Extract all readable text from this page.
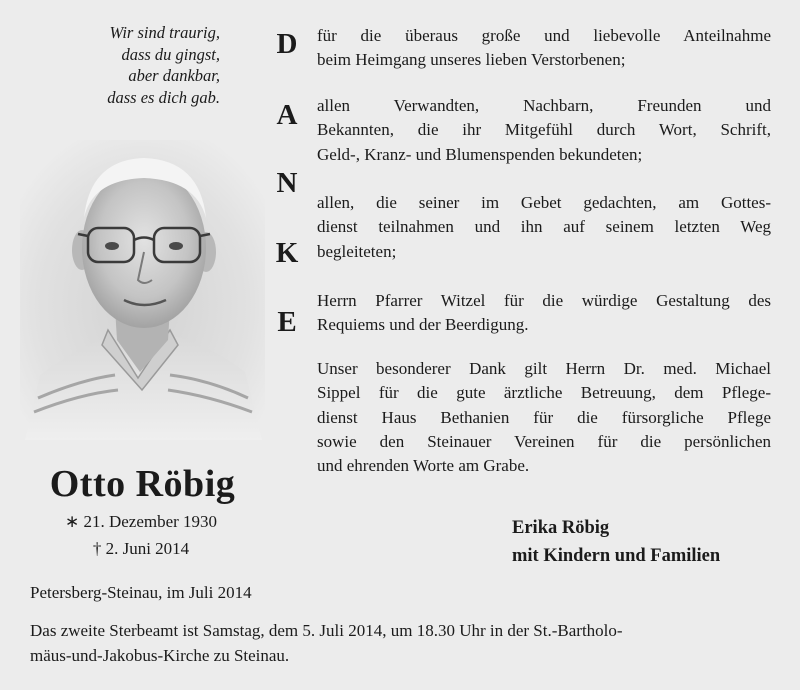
Wir sind traurig,
dass du gingst,
aber dankbar,
dass es dich gab.
Otto Röbig
∗ 21. Dezember 1930
† 2. Juni 2014
D
A
N
K
E
für die überaus große und liebevolle Anteilnahme
beim Heimgang unseres lieben Verstorbenen;
allen Verwandten, Nachbarn, Freunden und
Bekannten, die ihr Mitgefühl durch Wort, Schrift,
Geld-, Kranz- und Blumenspenden bekundeten;
allen, die seiner im Gebet gedachten, am Gottes-
dienst teilnahmen und ihn auf seinem letzten Weg
begleiteten;
Herrn Pfarrer Witzel für die würdige Gestaltung des
Requiems und der Beerdigung.
Unser besonderer Dank gilt Herrn Dr. med. Michael
Sippel für die gute ärztliche Betreuung, dem Pflege-
dienst Haus Bethanien für die fürsorgliche Pflege
sowie den Steinauer Vereinen für die persönlichen
und ehrenden Worte am Grabe.
Erika Röbig
mit Kindern und Familien
Petersberg-Steinau, im Juli 2014
Das zweite Sterbeamt ist Samstag, dem 5. Juli 2014, um 18.30 Uhr in der St.-Bartholo-
mäus-und-Jakobus-Kirche zu Steinau.
